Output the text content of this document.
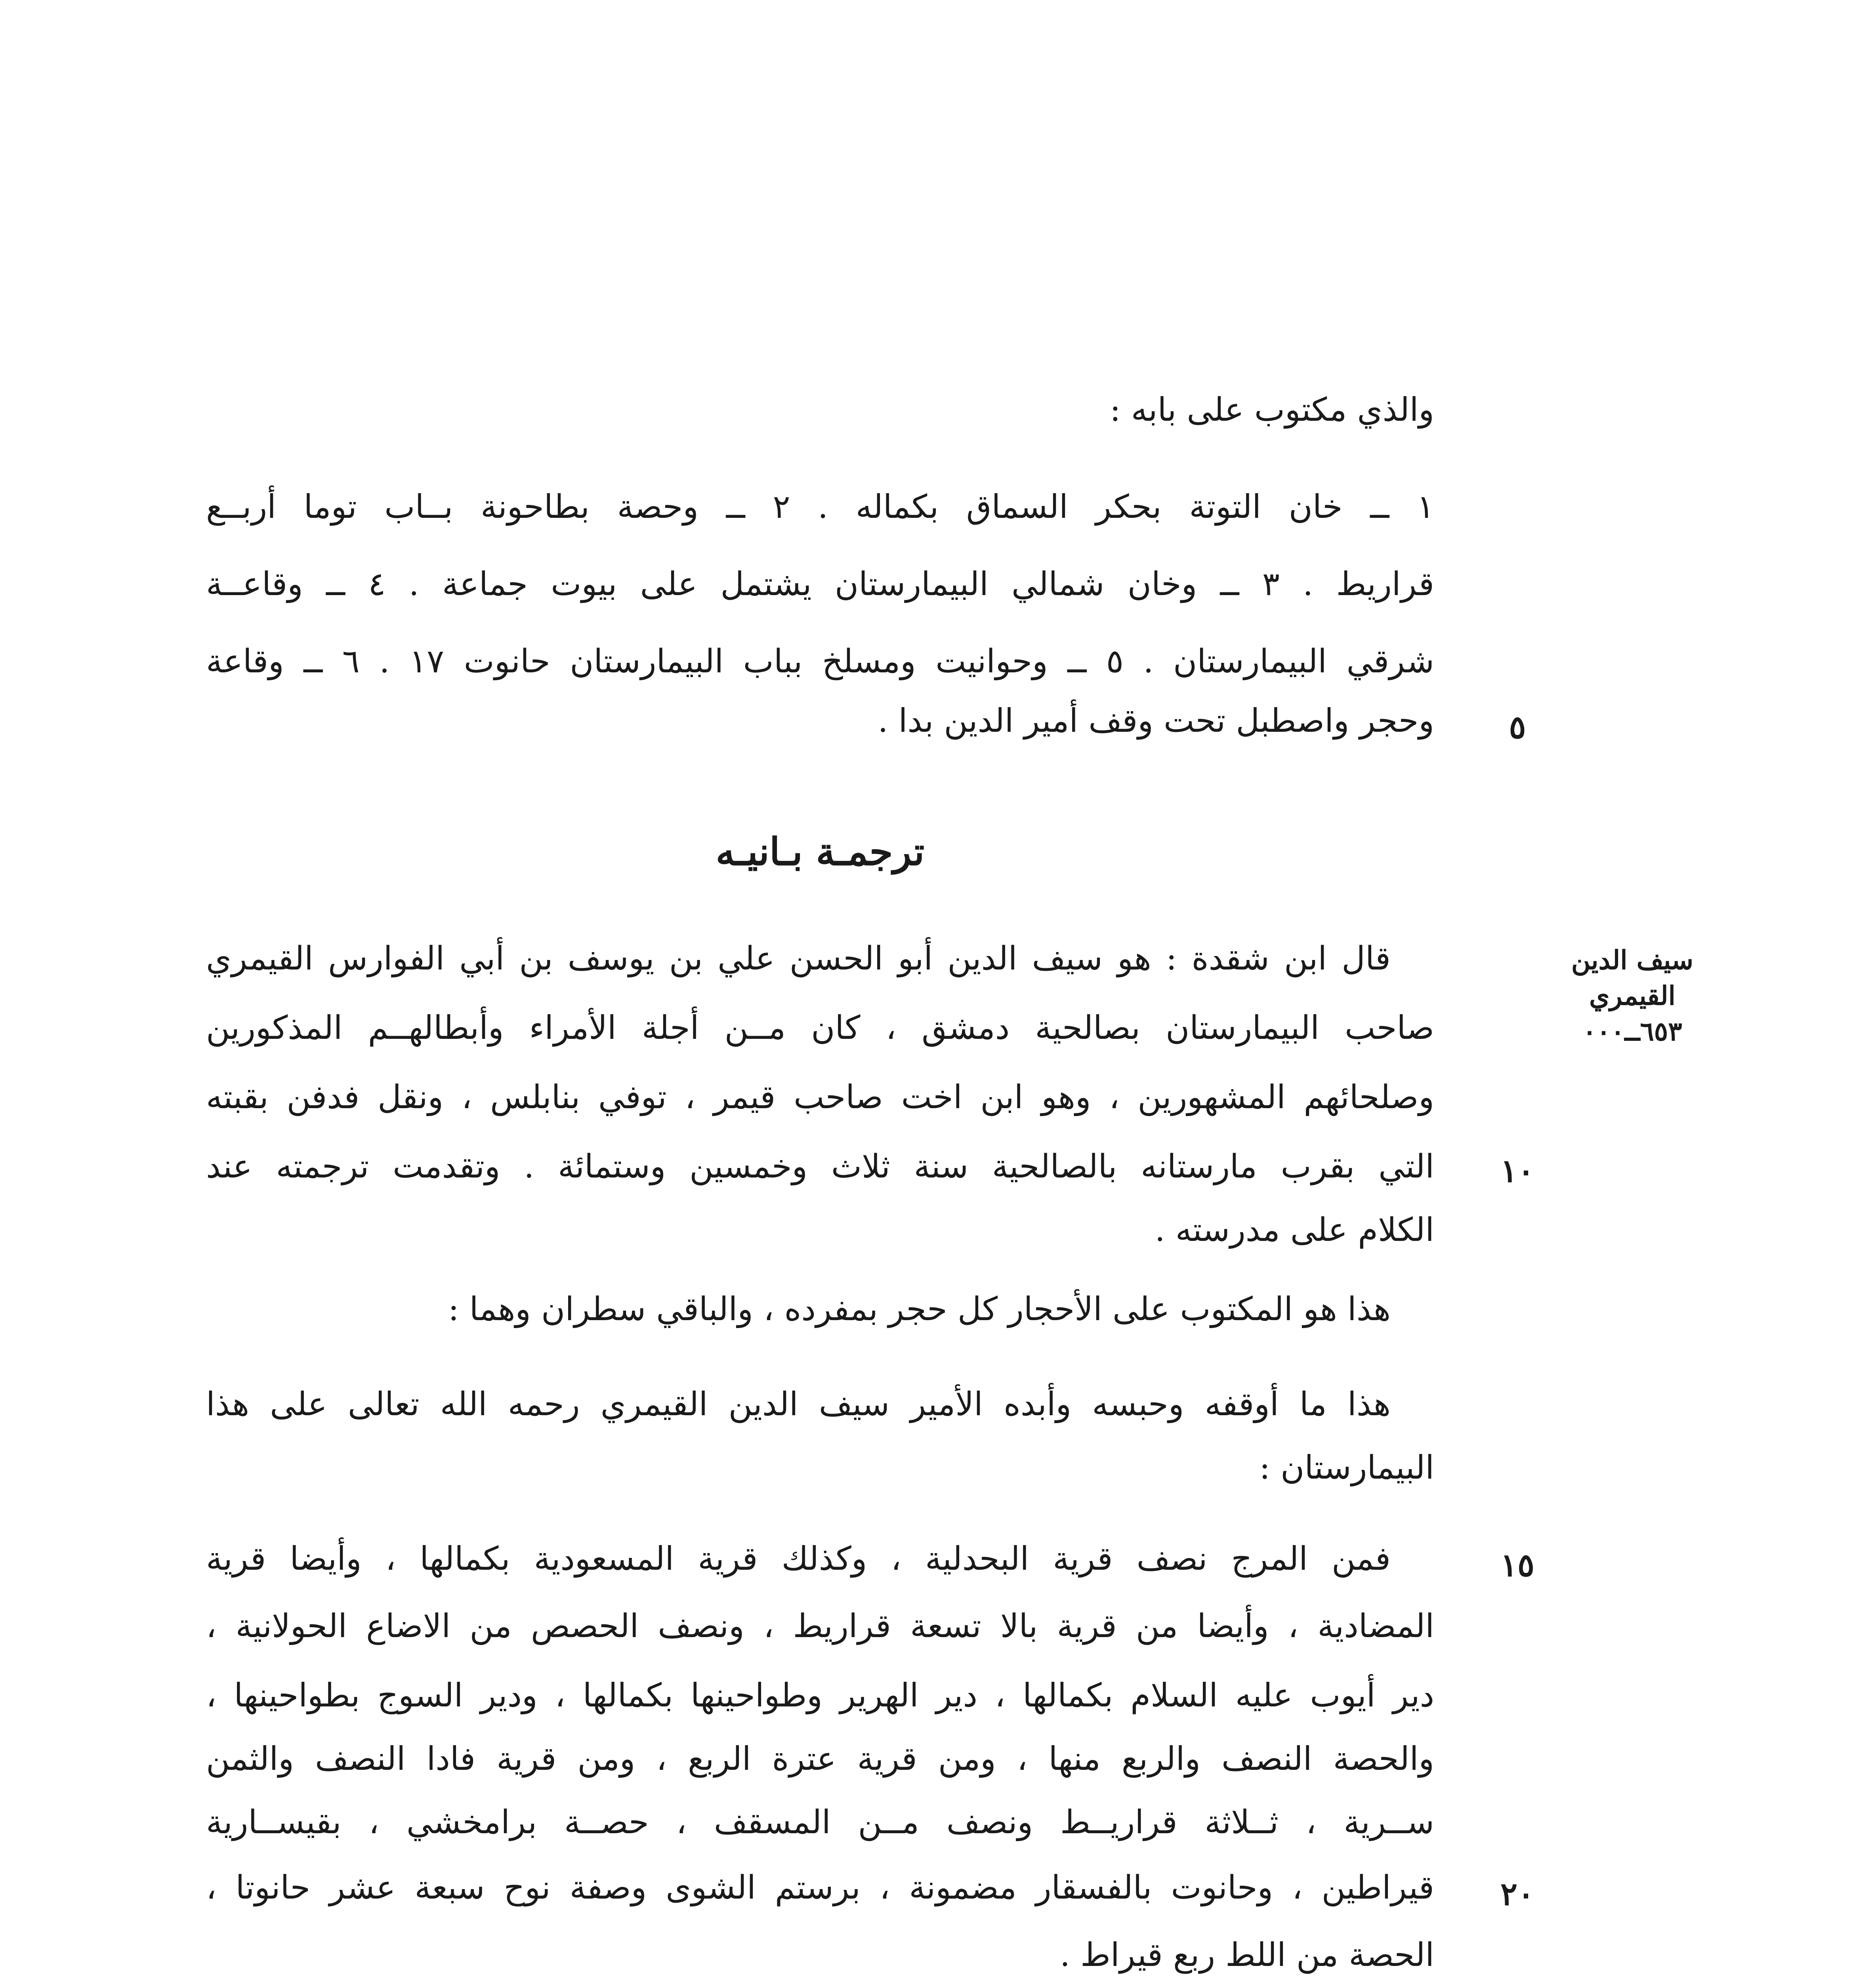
والذي مكتوب على بابه :
١ ــ خان التوتة بحكر السماق بكماله . ٢ ــ وحصة بطاحونة بــاب توما أربــع
قراريط . ٣ ــ وخان شمالي البيمارستان يشتمل على بيوت جماعة . ٤ ــ وقاعــة
شرقي البيمارستان . ٥ ــ وحوانيت ومسلخ بباب البيمارستان حانوت ١٧ . ٦ ــ وقاعة
وحجر واصطبل تحت وقف أمير الدين بدا .	٥
ترجمـة بـانيـه
سيف الدين
القيمري
٦٥٣ــ٠٠٠
قال ابن شقدة : هو سيف الدين أبو الحسن علي بن يوسف بن أبي الفوارس القيمري
صاحب البيمارستان بصالحية دمشق ، كان مــن أجلة الأمراء وأبطالهــم المذكورين
وصلحائهم المشهورين ، وهو ابن اخت صاحب قيمر ، توفي بنابلس ، ونقل فدفن بقبته
التي بقرب مارستانه بالصالحية سنة ثلاث وخمسين وستمائة . وتقدمت ترجمته عند	١٠
الكلام على مدرسته .
هذا هو المكتوب على الأحجار كل حجر بمفرده ، والباقي سطران وهما :
هذا ما أوقفه وحبسه وأبده الأمير سيف الدين القيمري رحمه الله تعالى على هذا
البيمارستان :
فمن المرج نصف قرية البحدلية ، وكذلك قرية المسعودية بكمالها ، وأيضا قرية	١٥
المضادية ، وأيضا من قرية بالا تسعة قراريط ، ونصف الحصص من الاضاع الحولانية ،
دير أيوب عليه السلام بكمالها ، دير الهرير وطواحينها بكمالها ، ودير السوج بطواحينها ،
والحصة النصف والربع منها ، ومن قرية عترة الربع ، ومن قرية فادا النصف والثمن
ســرية ، ثــلاثة قراريــط ونصف مــن المسقف ، حصــة برامخشي ، بقيســارية
قيراطين ، وحانوت بالفسقار مضمونة ، برستم الشوى وصفة نوح سبعة عشر حانوتا ،	٢٠
الحصة من اللط ربع قيراط .
